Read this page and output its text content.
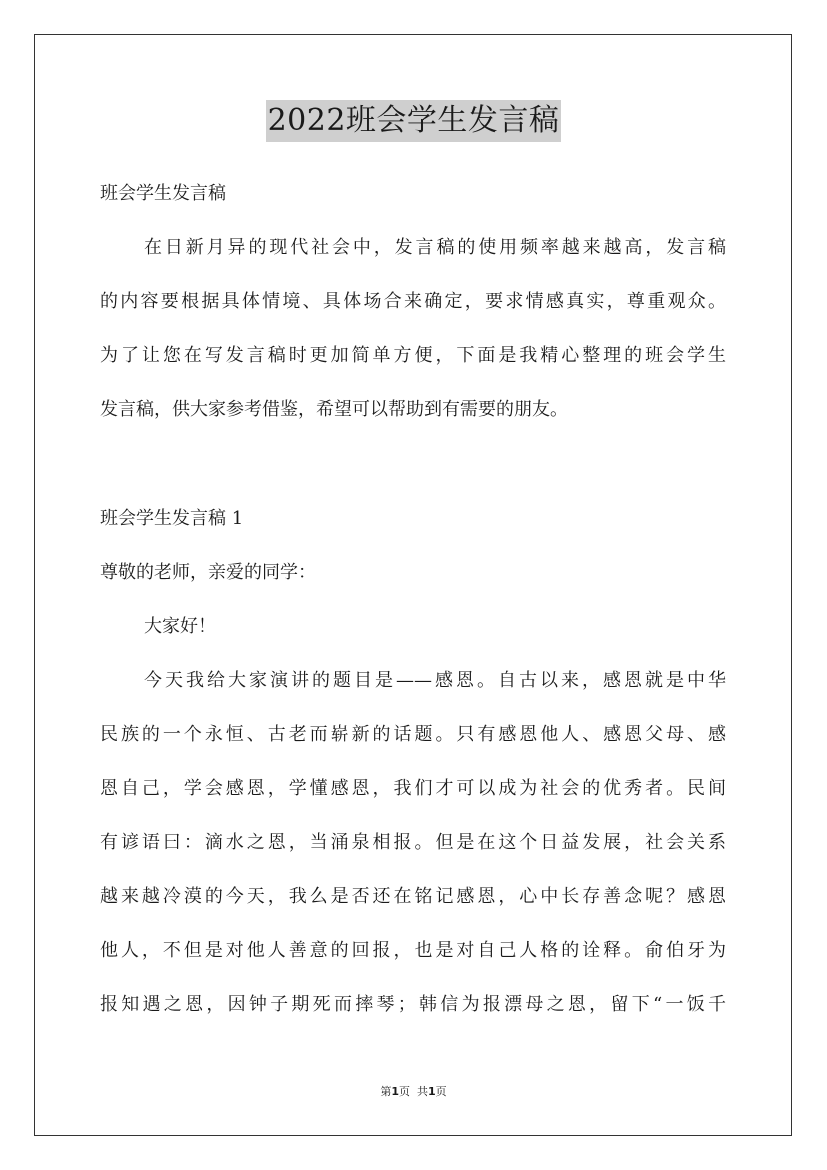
2022班会学生发言稿
班会学生发言稿
在日新月异的现代社会中，发言稿的使用频率越来越高，发言稿
的内容要根据具体情境、具体场合来确定，要求情感真实，尊重观众。
为了让您在写发言稿时更加简单方便，下面是我精心整理的班会学生
发言稿，供大家参考借鉴，希望可以帮助到有需要的朋友。
班会学生发言稿 1
尊敬的老师，亲爱的同学：
大家好！
今天我给大家演讲的题目是——感恩。自古以来，感恩就是中华
民族的一个永恒、古老而崭新的话题。只有感恩他人、感恩父母、感
恩自己，学会感恩，学懂感恩，我们才可以成为社会的优秀者。民间
有谚语曰：滴水之恩，当涌泉相报。但是在这个日益发展，社会关系
越来越冷漠的今天，我么是否还在铭记感恩，心中长存善念呢？感恩
他人，不但是对他人善意的回报，也是对自己人格的诠释。俞伯牙为
报知遇之恩，因钟子期死而摔琴；韩信为报漂母之恩，留下“一饭千
第1页 共1页
